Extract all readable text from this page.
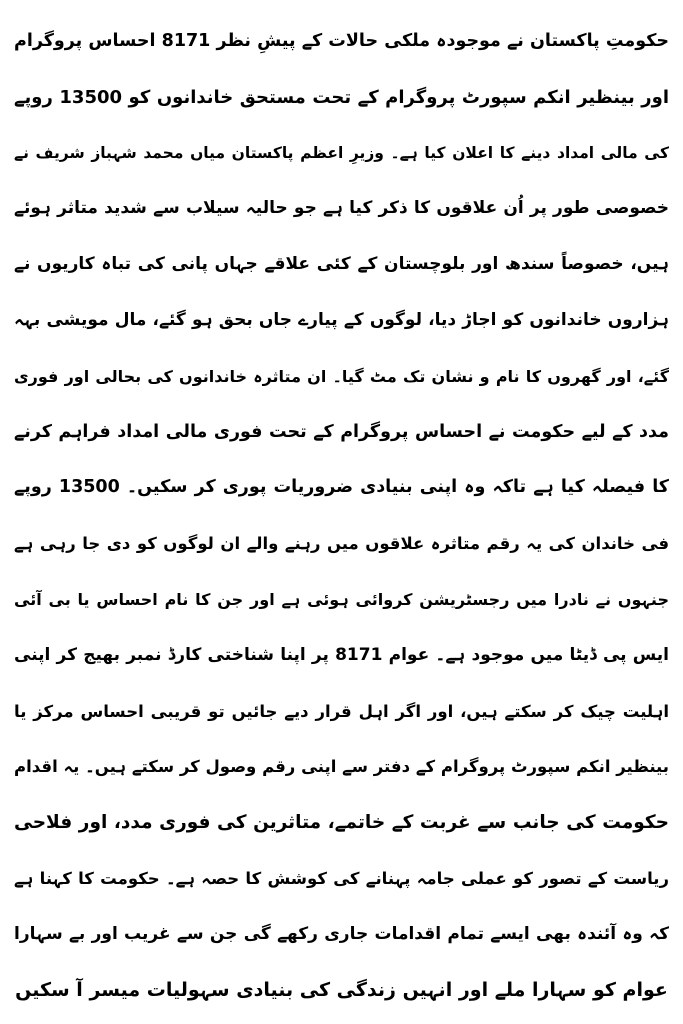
حکومتِ پاکستان نے موجودہ ملکی حالات کے پیشِ نظر 8171 احساس پروگرام
اور بینظیر انکم سپورٹ پروگرام کے تحت مستحق خاندانوں کو 13500 روپے
کی مالی امداد دینے کا اعلان کیا ہے۔ وزیرِ اعظم پاکستان میاں محمد شہباز شریف نے
خصوصی طور پر اُن علاقوں کا ذکر کیا ہے جو حالیہ سیلاب سے شدید متاثر ہوئے
ہیں، خصوصاً سندھ اور بلوچستان کے کئی علاقے جہاں پانی کی تباہ کاریوں نے
ہزاروں خاندانوں کو اجاڑ دیا، لوگوں کے پیارے جاں بحق ہو گئے، مال مویشی بہہ
گئے، اور گھروں کا نام و نشان تک مٹ گیا۔ ان متاثرہ خاندانوں کی بحالی اور فوری
مدد کے لیے حکومت نے احساس پروگرام کے تحت فوری مالی امداد فراہم کرنے
کا فیصلہ کیا ہے تاکہ وہ اپنی بنیادی ضروریات پوری کر سکیں۔ 13500 روپے
فی خاندان کی یہ رقم متاثرہ علاقوں میں رہنے والے ان لوگوں کو دی جا رہی ہے
جنہوں نے نادرا میں رجسٹریشن کروائی ہوئی ہے اور جن کا نام احساس یا بی آئی
ایس پی ڈیٹا میں موجود ہے۔ عوام 8171 پر اپنا شناختی کارڈ نمبر بھیج کر اپنی
اہلیت چیک کر سکتے ہیں، اور اگر اہل قرار دیے جائیں تو قریبی احساس مرکز یا
بینظیر انکم سپورٹ پروگرام کے دفتر سے اپنی رقم وصول کر سکتے ہیں۔ یہ اقدام
حکومت کی جانب سے غربت کے خاتمے، متاثرین کی فوری مدد، اور فلاحی
ریاست کے تصور کو عملی جامہ پہنانے کی کوشش کا حصہ ہے۔ حکومت کا کہنا ہے
کہ وہ آئندہ بھی ایسے تمام اقدامات جاری رکھے گی جن سے غریب اور بے سہارا
عوام کو سہارا ملے اور انہیں زندگی کی بنیادی سہولیات میسر آ سکیں
